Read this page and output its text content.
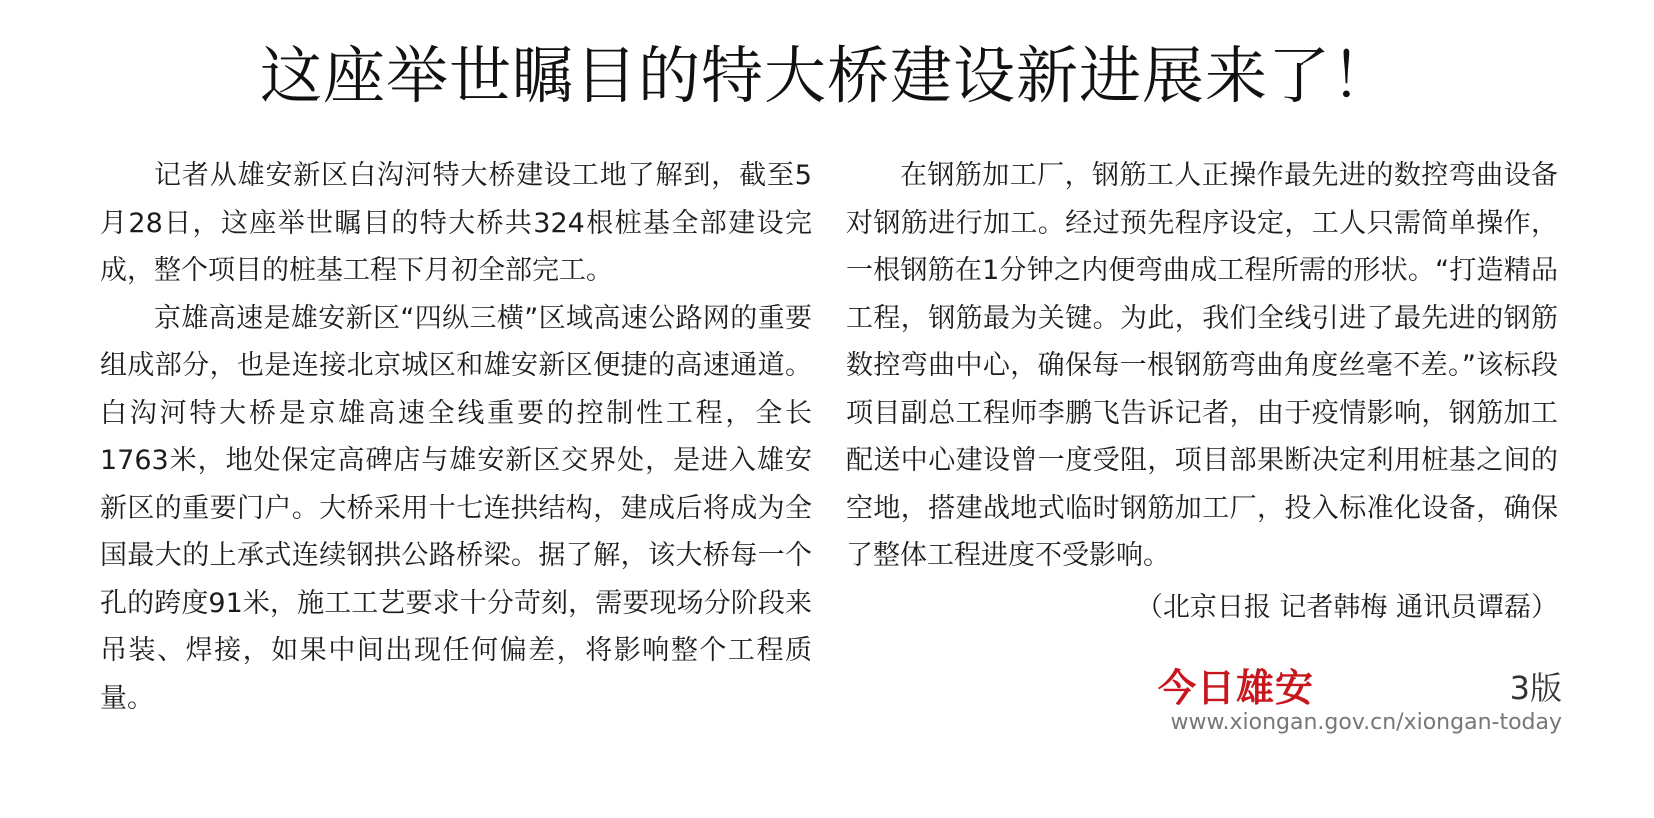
这座举世瞩目的特大桥建设新进展来了！

记者从雄安新区白沟河特大桥建设工地了解到，截至5月28日，这座举世瞩目的特大桥共324根桩基全部建设完成，整个项目的桩基工程下月初全部完工。

京雄高速是雄安新区“四纵三横”区域高速公路网的重要组成部分，也是连接北京城区和雄安新区便捷的高速通道。白沟河特大桥是京雄高速全线重要的控制性工程，全长1763米，地处保定高碑店与雄安新区交界处，是进入雄安新区的重要门户。大桥采用十七连拱结构，建成后将成为全国最大的上承式连续钢拱公路桥梁。据了解，该大桥每一个孔的跨度91米，施工工艺要求十分苛刻，需要现场分阶段来吊装、焊接，如果中间出现任何偏差，将影响整个工程质量。

在钢筋加工厂，钢筋工人正操作最先进的数控弯曲设备对钢筋进行加工。经过预先程序设定，工人只需简单操作，一根钢筋在1分钟之内便弯曲成工程所需的形状。“打造精品工程，钢筋最为关键。为此，我们全线引进了最先进的钢筋数控弯曲中心，确保每一根钢筋弯曲角度丝毫不差。”该标段项目副总工程师李鹏飞告诉记者，由于疫情影响，钢筋加工配送中心建设曾一度受阻，项目部果断决定利用桩基之间的空地，搭建战地式临时钢筋加工厂，投入标准化设备，确保了整体工程进度不受影响。

（北京日报 记者韩梅 通讯员谭磊）
今日雄安	3版
www.xiongan.gov.cn/xiongan-today
